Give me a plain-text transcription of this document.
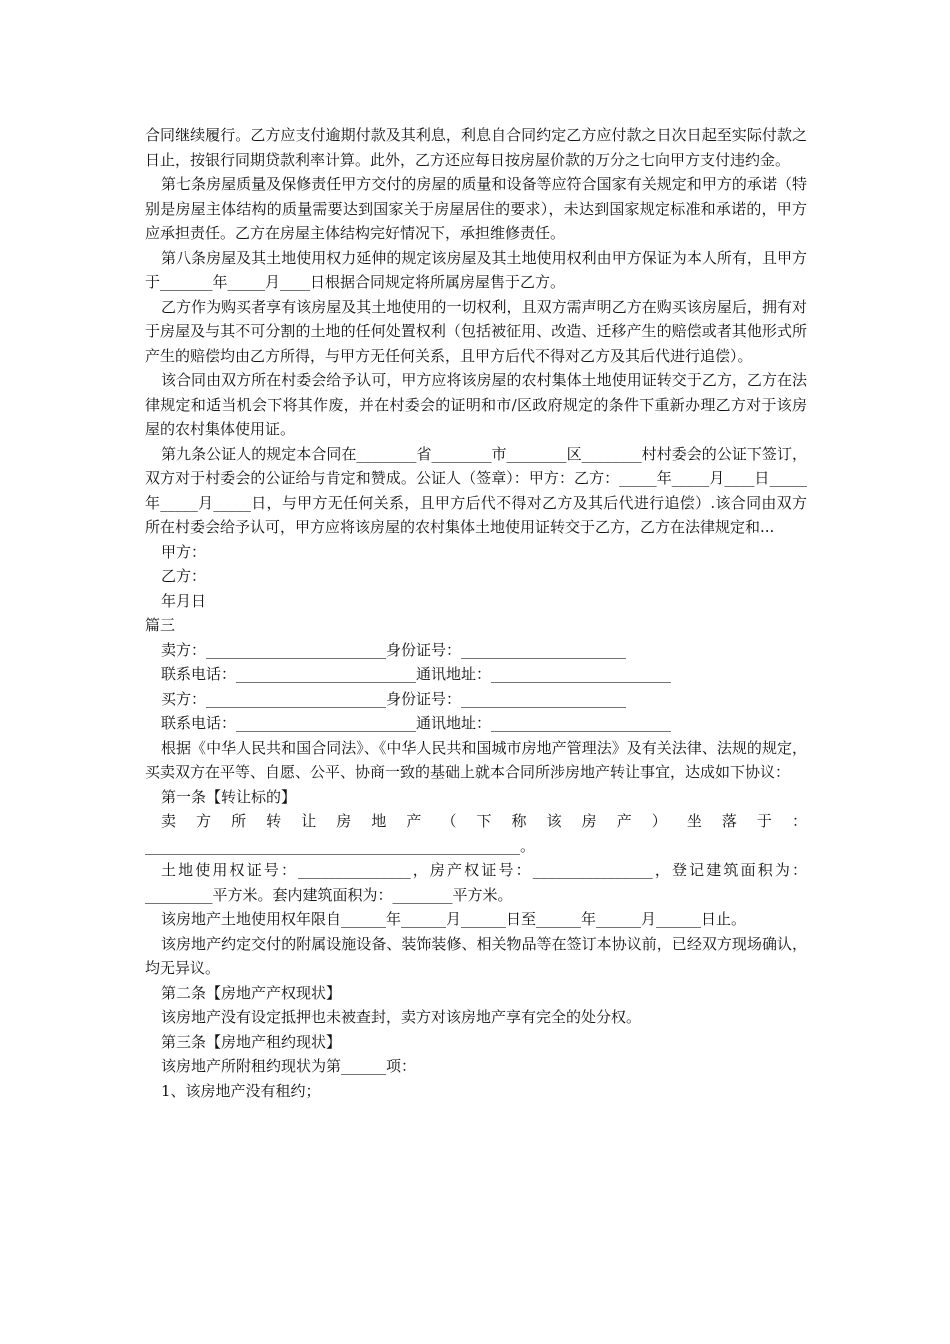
合同继续履行。乙方应支付逾期付款及其利息，利息自合同约定乙方应付款之日次日起至实际付款之日止，按银行同期贷款利率计算。此外，乙方还应每日按房屋价款的万分之七向甲方支付违约金。

第七条房屋质量及保修责任甲方交付的房屋的质量和设备等应符合国家有关规定和甲方的承诺（特别是房屋主体结构的质量需要达到国家关于房屋居住的要求），未达到国家规定标准和承诺的，甲方应承担责任。乙方在房屋主体结构完好情况下，承担维修责任。

第八条房屋及其土地使用权力延伸的规定该房屋及其土地使用权利由甲方保证为本人所有，且甲方于_______年_____月____日根据合同规定将所属房屋售于乙方。

乙方作为购买者享有该房屋及其土地使用的一切权利，且双方需声明乙方在购买该房屋后，拥有对于房屋及与其不可分割的土地的任何处置权利（包括被征用、改造、迁移产生的赔偿或者其他形式所产生的赔偿均由乙方所得，与甲方无任何关系，且甲方后代不得对乙方及其后代进行追偿）。

该合同由双方所在村委会给予认可，甲方应将该房屋的农村集体土地使用证转交于乙方，乙方在法律规定和适当机会下将其作废，并在村委会的证明和市/区政府规定的条件下重新办理乙方对于该房屋的农村集体使用证。

第九条公证人的规定本合同在________省________市________区________村村委会的公证下签订，双方对于村委会的公证给与肯定和赞成。公证人（签章）：甲方：乙方：_____年_____月____日_____年_____月_____日，与甲方无任何关系，且甲方后代不得对乙方及其后代进行追偿）.该合同由双方所在村委会给予认可，甲方应将该房屋的农村集体土地使用证转交于乙方，乙方在法律规定和...

甲方：

乙方：

年月日

篇三

卖方：________________________身份证号：______________________

联系电话：________________________通讯地址：________________________

买方：________________________身份证号：______________________

联系电话：________________________通讯地址：________________________

根据《中华人民共和国合同法》、《中华人民共和国城市房地产管理法》及有关法律、法规的规定，买卖双方在平等、自愿、公平、协商一致的基础上就本合同所涉房地产转让事宜，达成如下协议：

第一条【转让标的】

卖方所转让房地产（下称该房产）坐落于：__________________________________________________。

土地使用权证号：_______________，房产权证号：________________，登记建筑面积为：_________平方米。套内建筑面积为：________平方米。

该房地产土地使用权年限自______年______月______日至______年______月______日止。

该房地产约定交付的附属设施设备、装饰装修、相关物品等在签订本协议前，已经双方现场确认，均无异议。

第二条【房地产产权现状】

该房地产没有设定抵押也未被查封，卖方对该房地产享有完全的处分权。

第三条【房地产租约现状】

该房地产所附租约现状为第______项：

1、该房地产没有租约；
